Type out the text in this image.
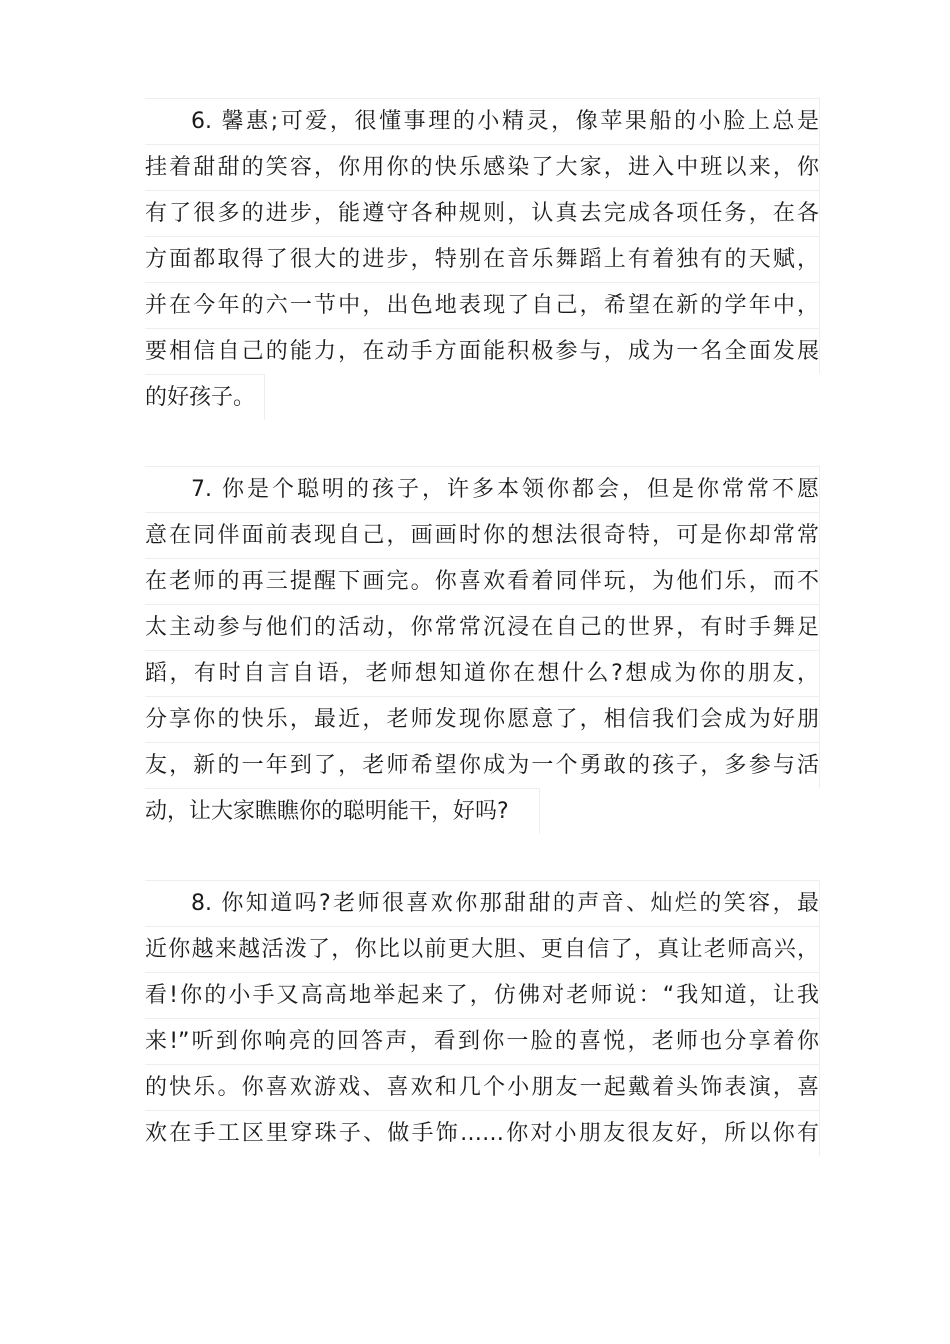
6. 馨惠;可爱，很懂事理的小精灵，像苹果船的小脸上总是
挂着甜甜的笑容，你用你的快乐感染了大家，进入中班以来，你
有了很多的进步，能遵守各种规则，认真去完成各项任务，在各
方面都取得了很大的进步，特别在音乐舞蹈上有着独有的天赋，
并在今年的六一节中，出色地表现了自己，希望在新的学年中，
要相信自己的能力，在动手方面能积极参与，成为一名全面发展
的好孩子。
7. 你是个聪明的孩子，许多本领你都会，但是你常常不愿
意在同伴面前表现自己，画画时你的想法很奇特，可是你却常常
在老师的再三提醒下画完。你喜欢看着同伴玩，为他们乐，而不
太主动参与他们的活动，你常常沉浸在自己的世界，有时手舞足
蹈，有时自言自语，老师想知道你在想什么?想成为你的朋友，
分享你的快乐，最近，老师发现你愿意了，相信我们会成为好朋
友，新的一年到了，老师希望你成为一个勇敢的孩子，多参与活
动，让大家瞧瞧你的聪明能干，好吗?
8. 你知道吗?老师很喜欢你那甜甜的声音、灿烂的笑容，最
近你越来越活泼了，你比以前更大胆、更自信了，真让老师高兴，
看!你的小手又高高地举起来了，仿佛对老师说：“我知道，让我
来!”听到你响亮的回答声，看到你一脸的喜悦，老师也分享着你
的快乐。你喜欢游戏、喜欢和几个小朋友一起戴着头饰表演，喜
欢在手工区里穿珠子、做手饰……你对小朋友很友好，所以你有
